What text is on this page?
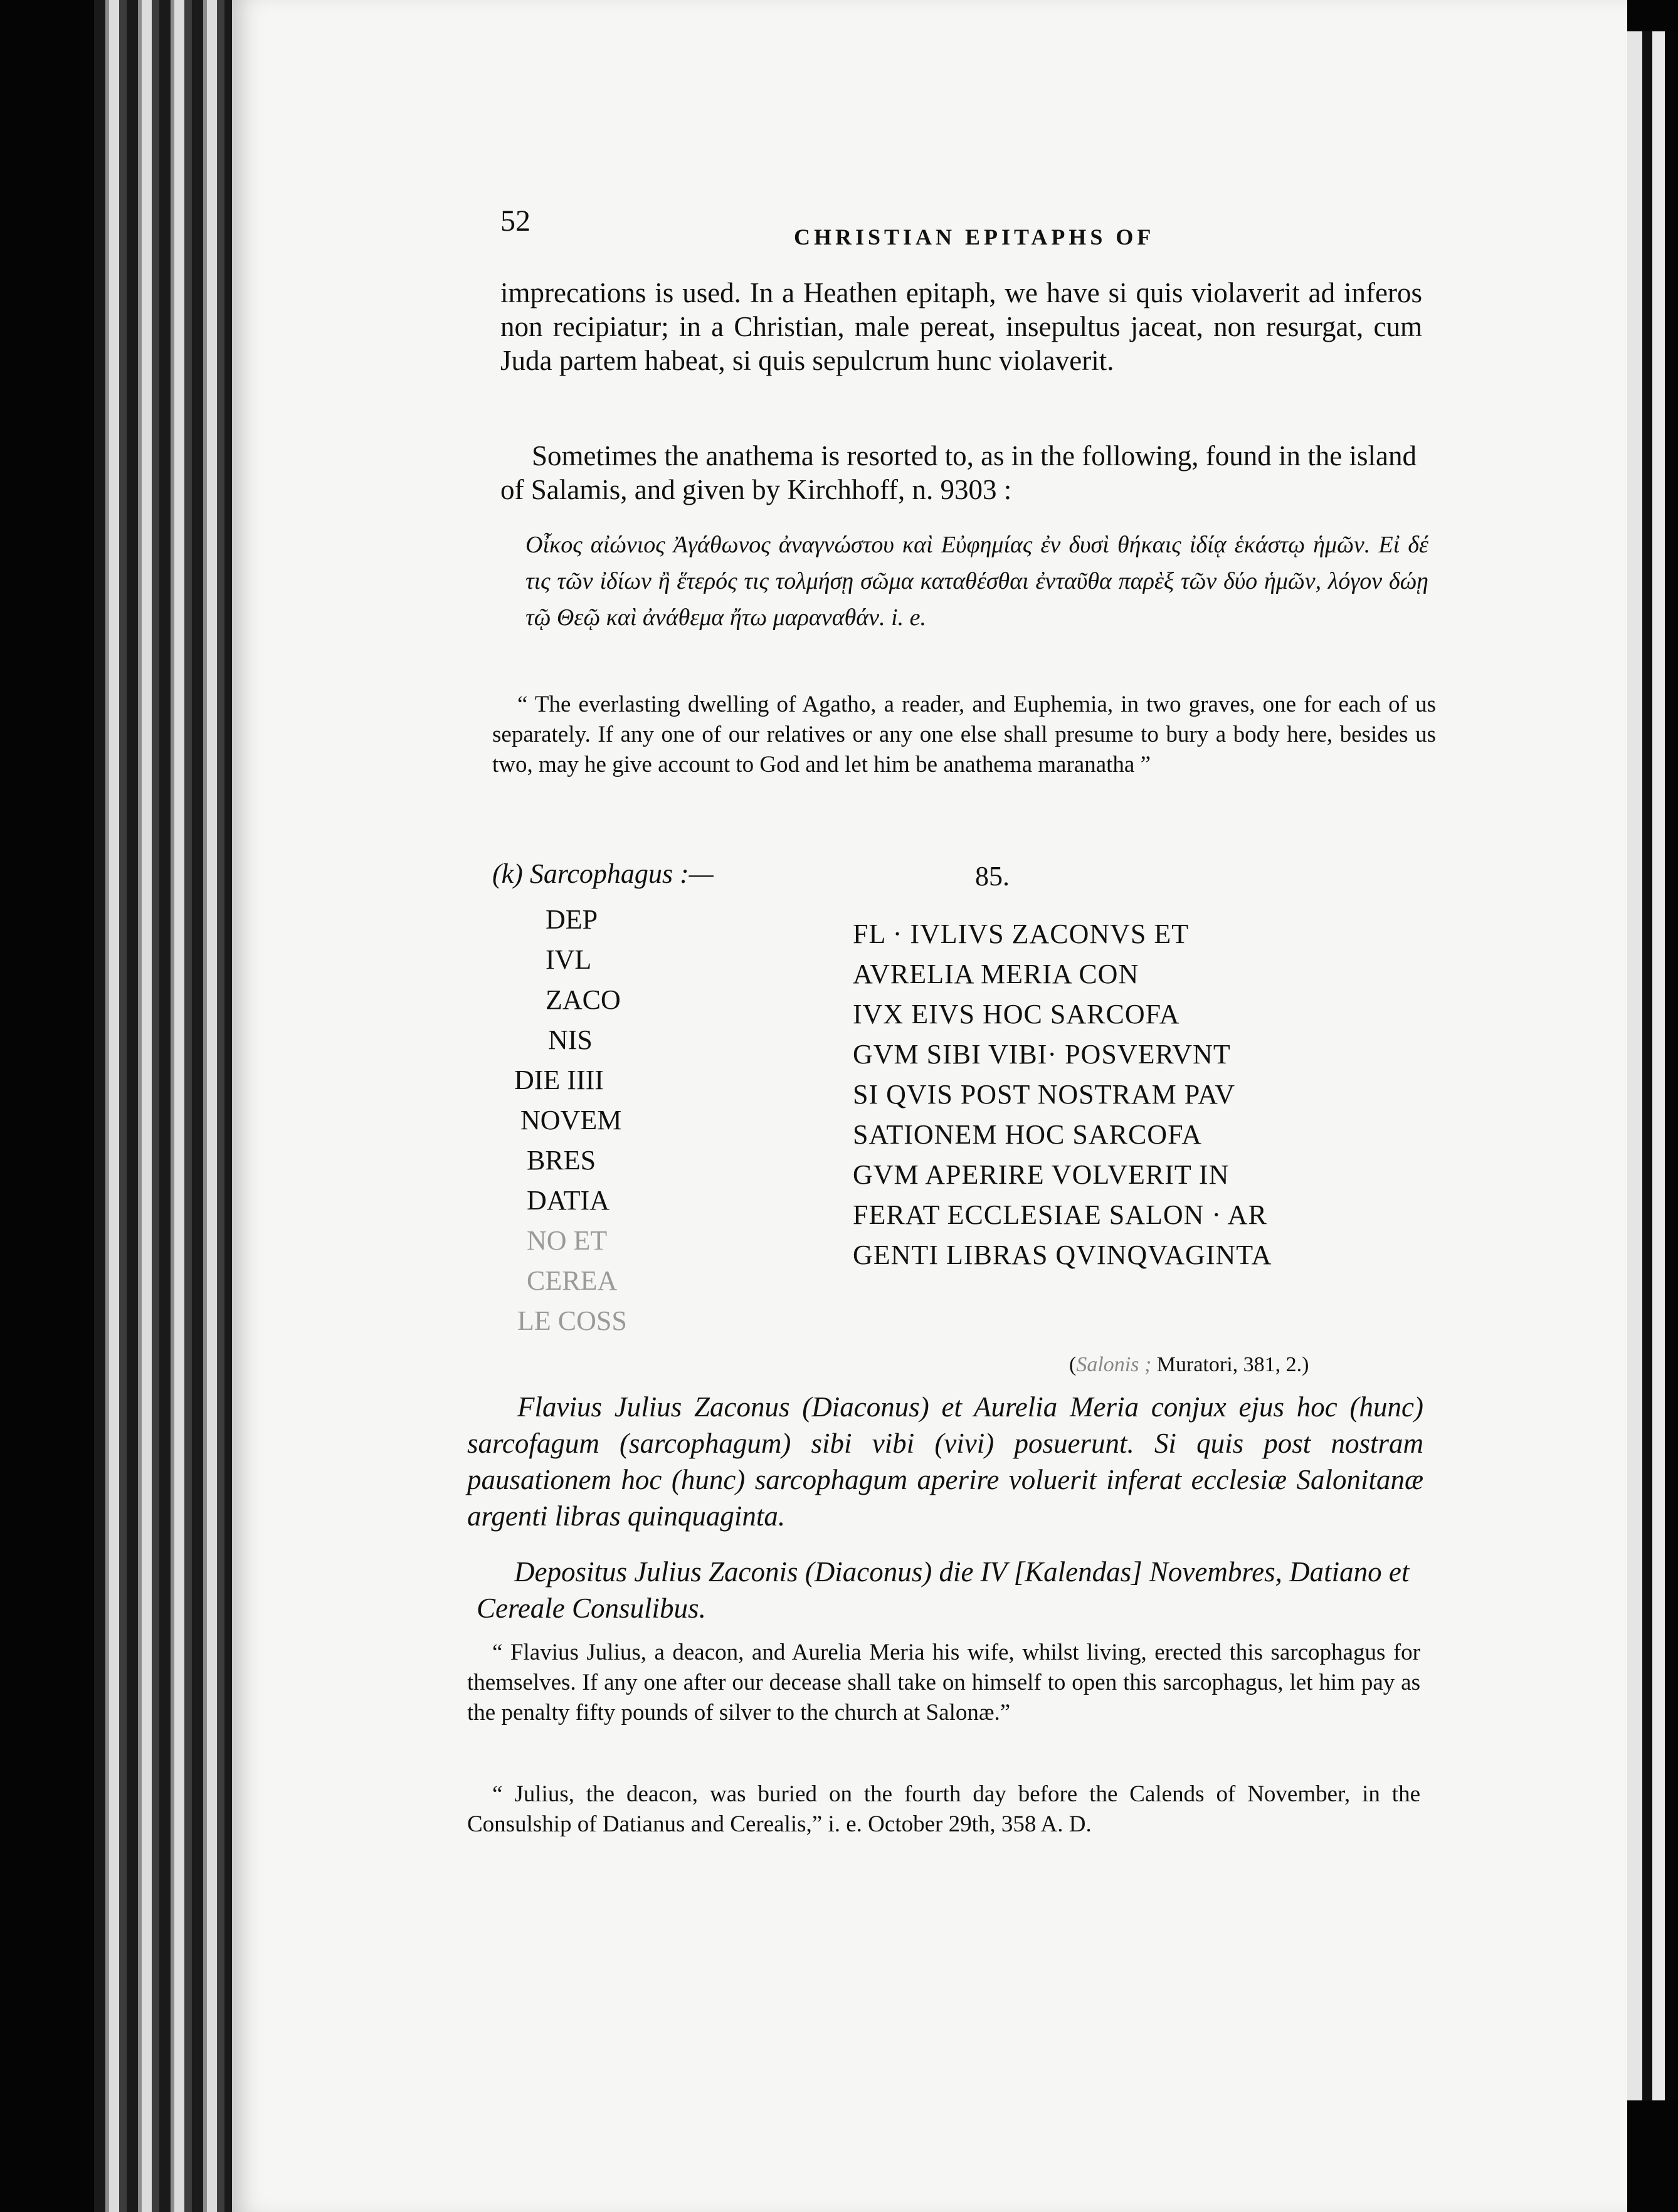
52	CHRISTIAN EPITAPHS OF
imprecations is used. In a Heathen epitaph, we have si quis violaverit ad inferos non recipiatur; in a Christian, male pereat, insepultus jaceat, non resurgat, cum Juda partem habeat, si quis sepulcrum hunc violaverit.
Sometimes the anathema is resorted to, as in the following, found in the island of Salamis, and given by Kirchhoff, n. 9303 :
Οἶκος αἰώνιος Ἀγάθωνος ἀναγνώστου καὶ Εὐφημίας ἐν δυσὶ θήκαις ἰδίᾳ ἑκάστῳ ἡμῶν. Εἰ δέ τις τῶν ἰδίων ἢ ἕτερός τις τολμήσῃ σῶμα καταθέσθαι ἐνταῦθα παρὲξ τῶν δύο ἡμῶν, λόγον δώῃ τῷ Θεῷ καὶ ἀνάθεμα ἤτω μαραναθάν. i. e.
“ The everlasting dwelling of Agatho, a reader, and Euphemia, in two graves, one for each of us separately. If any one of our relatives or any one else shall presume to bury a body here, besides us two, may he give account to God and let him be anathema maranatha ”
(k) Sarcophagus :—	85.
DEP
IVL
ZACO
NIS
DIE IIII
NOVEM
BRES
DATIA
NO ET
CEREA
LE COSS
FL · IVLIVS ZACONVS ET
AVRELIA MERIA CON
IVX EIVS HOC SARCOFA
GVM SIBI VIBI· POSVERVNT
SI QVIS POST NOSTRAM PAV
SATIONEM HOC SARCOFA
GVM APERIRE VOLVERIT IN
FERAT ECCLESIAE SALON · AR
GENTI LIBRAS QVINQVAGINTA
(Salonis ; Muratori, 381, 2.)
Flavius Julius Zaconus (Diaconus) et Aurelia Meria conjux ejus hoc (hunc) sarcofagum (sarcophagum) sibi vibi (vivi) posuerunt. Si quis post nostram pausationem hoc (hunc) sarcophagum aperire voluerit inferat ecclesiæ Salonitanæ argenti libras quinquaginta.
Depositus Julius Zaconis (Diaconus) die IV [Kalendas] Novembres, Datiano et Cereale Consulibus.
“ Flavius Julius, a deacon, and Aurelia Meria his wife, whilst living, erected this sarcophagus for themselves. If any one after our decease shall take on himself to open this sarcophagus, let him pay as the penalty fifty pounds of silver to the church at Salonæ.”
“ Julius, the deacon, was buried on the fourth day before the Calends of November, in the Consulship of Datianus and Cerealis,” i. e. October 29th, 358 A. D.
